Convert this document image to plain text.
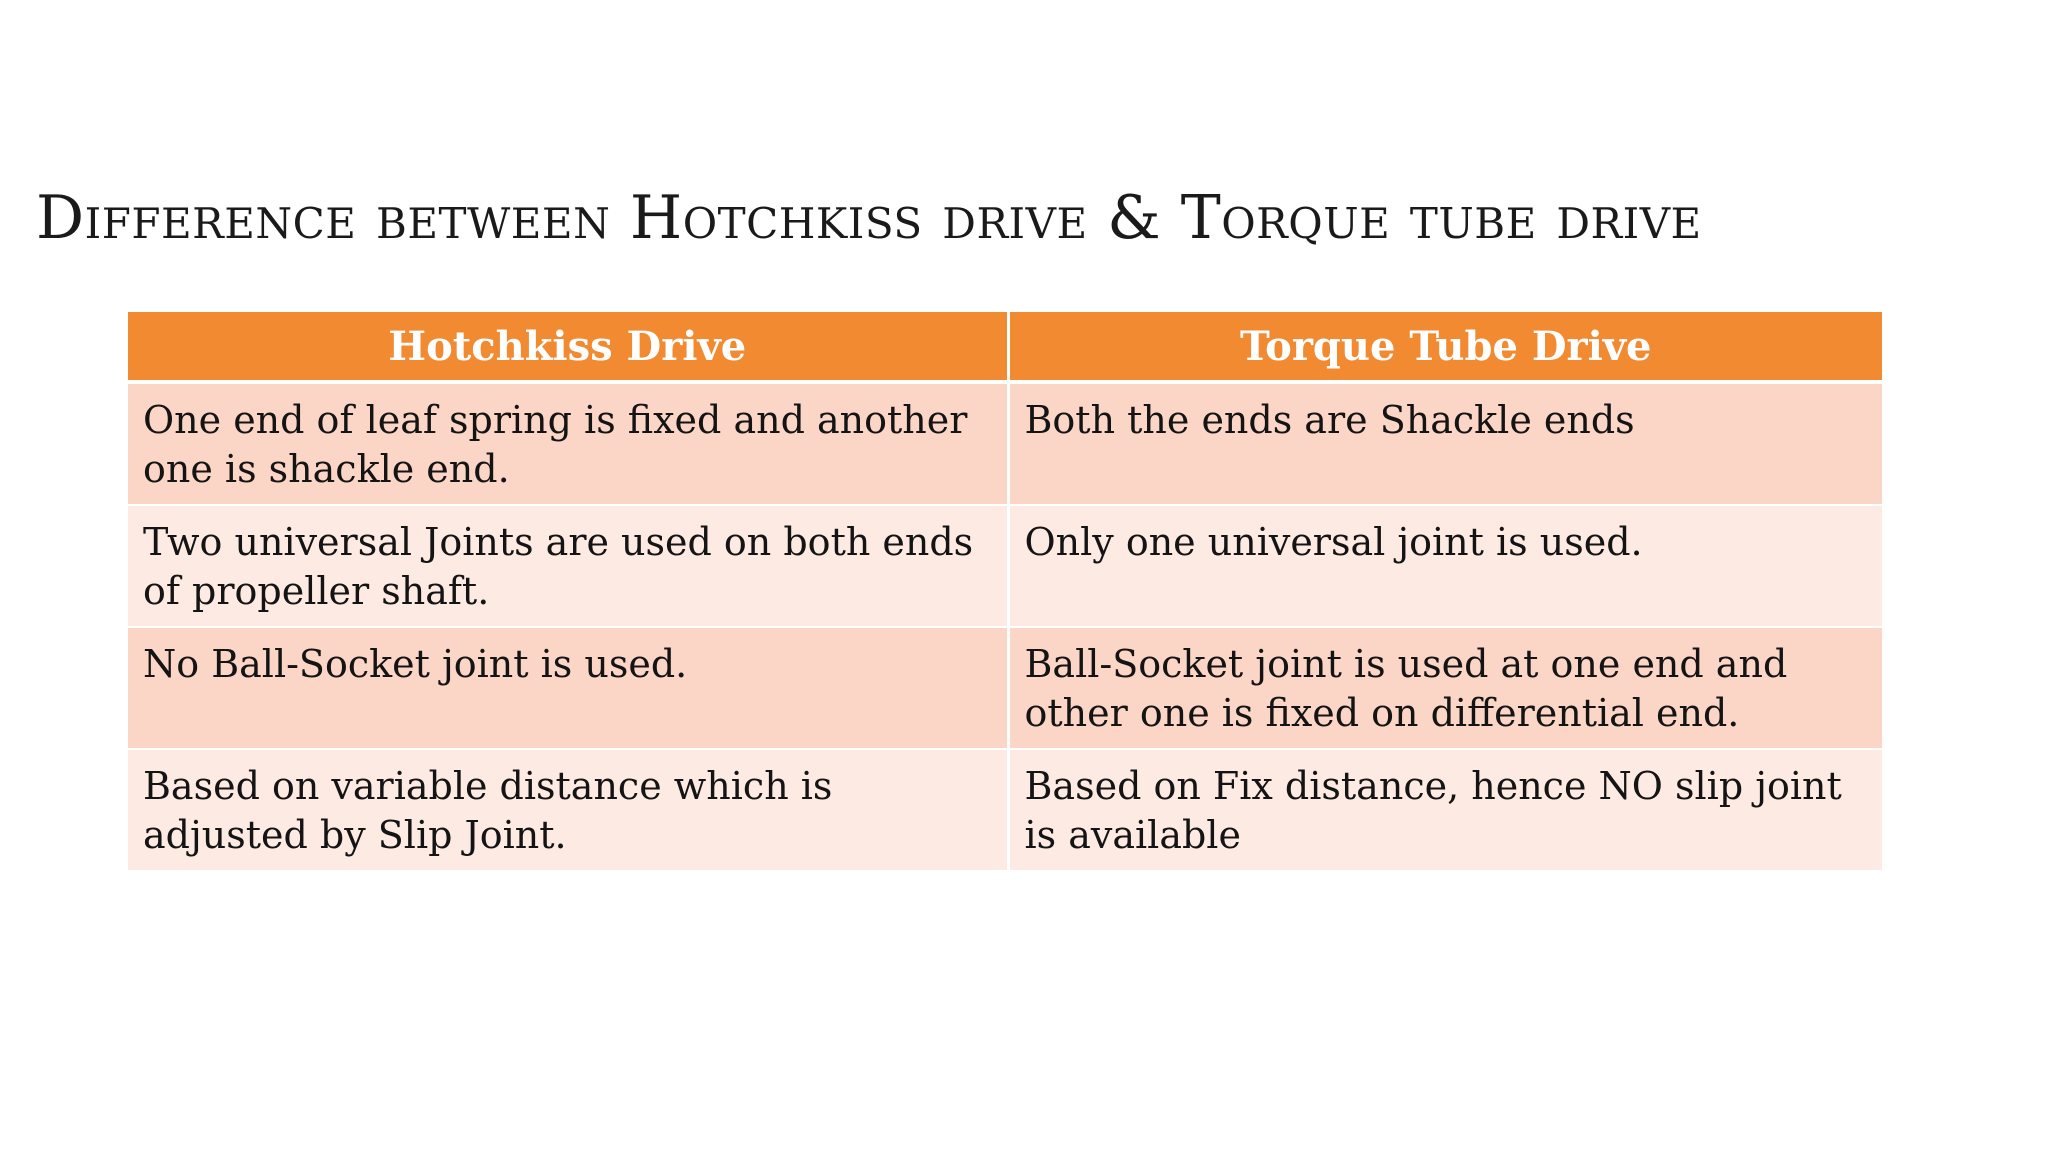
Difference between Hotchkiss drive & Torque tube drive
Hotchkiss Drive	Torque Tube Drive
One end of leaf spring is fixed and another one is shackle end.	Both the ends are Shackle ends
Two universal Joints are used on both ends of propeller shaft.	Only one universal joint is used.
No Ball-Socket joint is used.	Ball-Socket joint is used at one end and other one is fixed on differential end.
Based on variable distance which is adjusted by Slip Joint.	Based on Fix distance, hence NO slip joint is available
